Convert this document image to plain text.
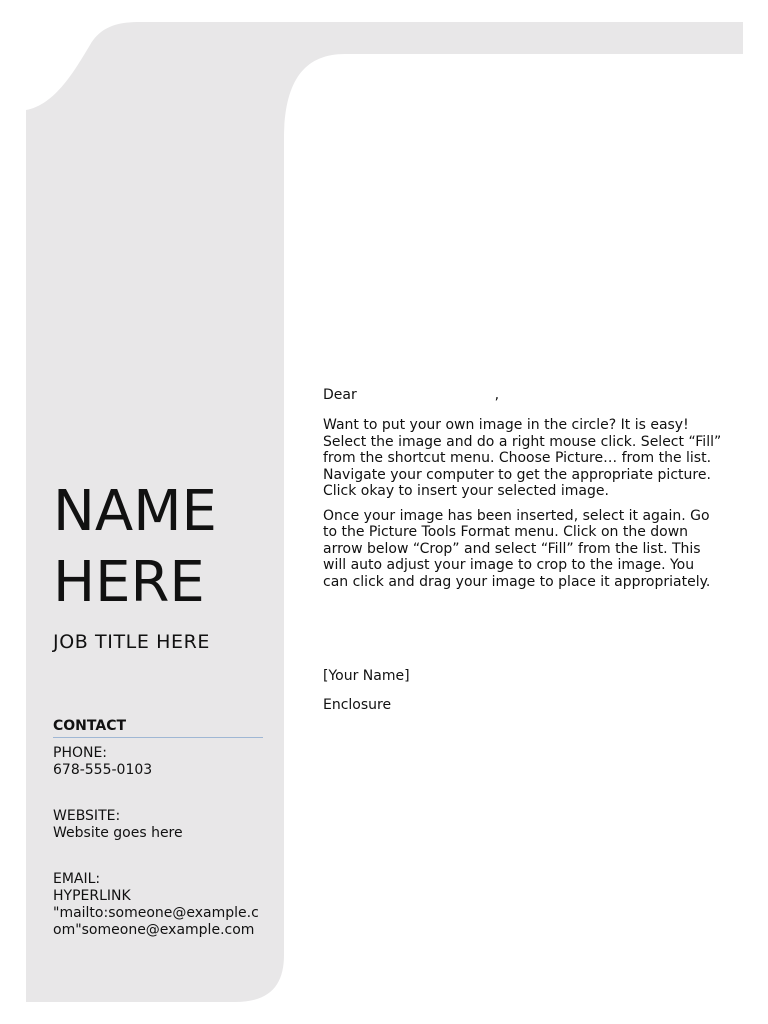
NAME
HERE
JOB TITLE HERE
CONTACT
PHONE:
678-555-0103
WEBSITE:
Website goes here
EMAIL:
HYPERLINK
"mailto:someone@example.c
om"someone@example.com
Dear                               ,

Want to put your own image in the circle? It is easy! Select the image and do a right mouse click. Select “Fill” from the shortcut menu. Choose Picture… from the list. Navigate your computer to get the appropriate picture. Click okay to insert your selected image.

Once your image has been inserted, select it again. Go to the Picture Tools Format menu. Click on the down arrow below “Crop” and select “Fill” from the list. This will auto adjust your image to crop to the image. You can click and drag your image to place it appropriately.

[Your Name]
Enclosure
